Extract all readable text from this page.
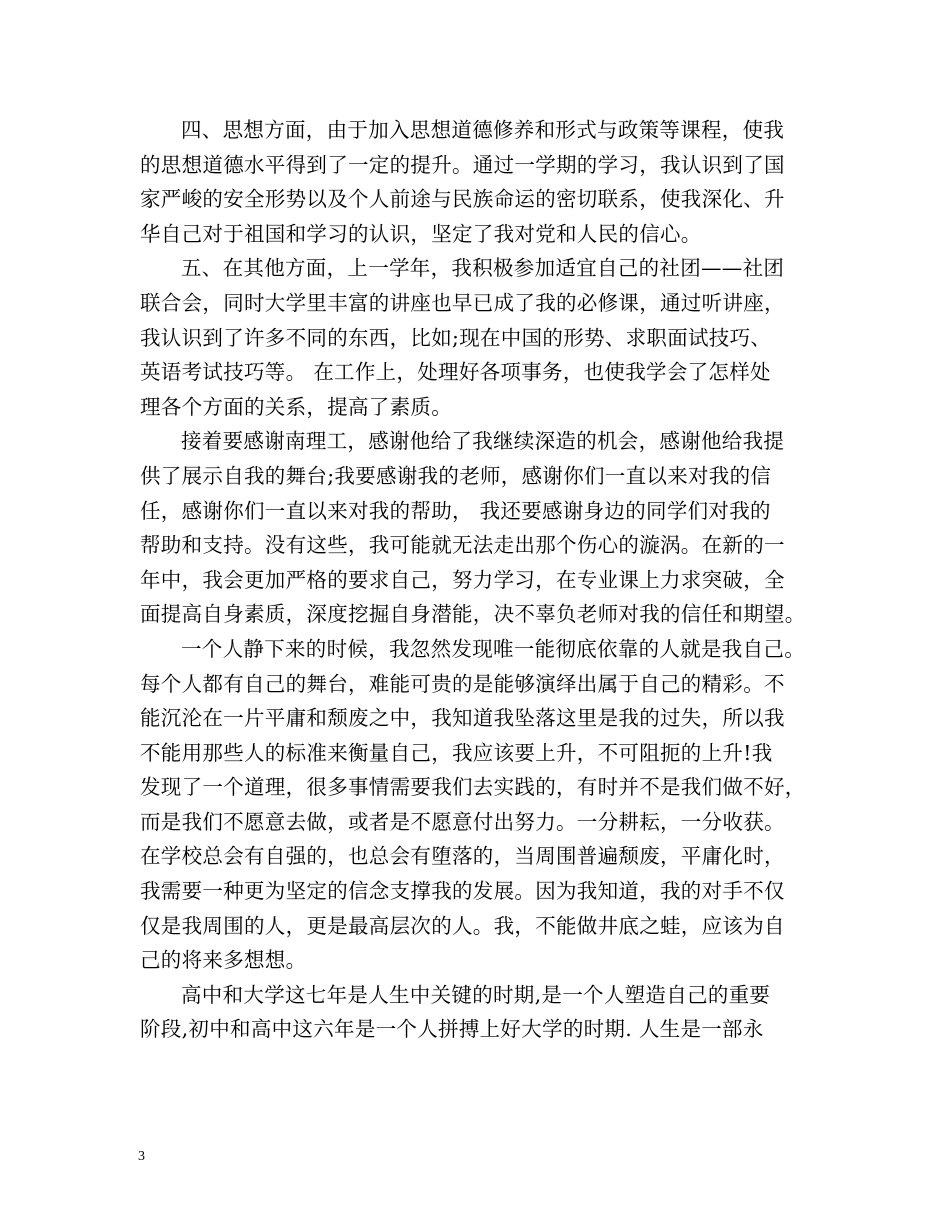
四、思想方面，由于加入思想道德修养和形式与政策等课程，使我
的思想道德水平得到了一定的提升。通过一学期的学习，我认识到了国
家严峻的安全形势以及个人前途与民族命运的密切联系，使我深化、升
华自己对于祖国和学习的认识，坚定了我对党和人民的信心。

五、在其他方面，上一学年，我积极参加适宜自己的社团——社团
联合会，同时大学里丰富的讲座也早已成了我的必修课，通过听讲座，
我认识到了许多不同的东西，比如;现在中国的形势、求职面试技巧、
英语考试技巧等。 在工作上，处理好各项事务，也使我学会了怎样处
理各个方面的关系，提高了素质。

接着要感谢南理工，感谢他给了我继续深造的机会，感谢他给我提
供了展示自我的舞台;我要感谢我的老师，感谢你们一直以来对我的信
任，感谢你们一直以来对我的帮助， 我还要感谢身边的同学们对我的
帮助和支持。没有这些，我可能就无法走出那个伤心的漩涡。在新的一
年中，我会更加严格的要求自己，努力学习，在专业课上力求突破，全
面提高自身素质，深度挖掘自身潜能，决不辜负老师对我的信任和期望。

一个人静下来的时候，我忽然发现唯一能彻底依靠的人就是我自己。
每个人都有自己的舞台，难能可贵的是能够演绎出属于自己的精彩。不
能沉沦在一片平庸和颓废之中，我知道我坠落这里是我的过失，所以我
不能用那些人的标准来衡量自己，我应该要上升，不可阻扼的上升!我
发现了一个道理，很多事情需要我们去实践的，有时并不是我们做不好，
而是我们不愿意去做，或者是不愿意付出努力。一分耕耘，一分收获。
在学校总会有自强的，也总会有堕落的，当周围普遍颓废，平庸化时，
我需要一种更为坚定的信念支撑我的发展。因为我知道，我的对手不仅
仅是我周围的人，更是最高层次的人。我，不能做井底之蛙，应该为自
己的将来多想想。

高中和大学这七年是人生中关键的时期,是一个人塑造自己的重要
阶段,初中和高中这六年是一个人拼搏上好大学的时期. 人生是一部永

3
